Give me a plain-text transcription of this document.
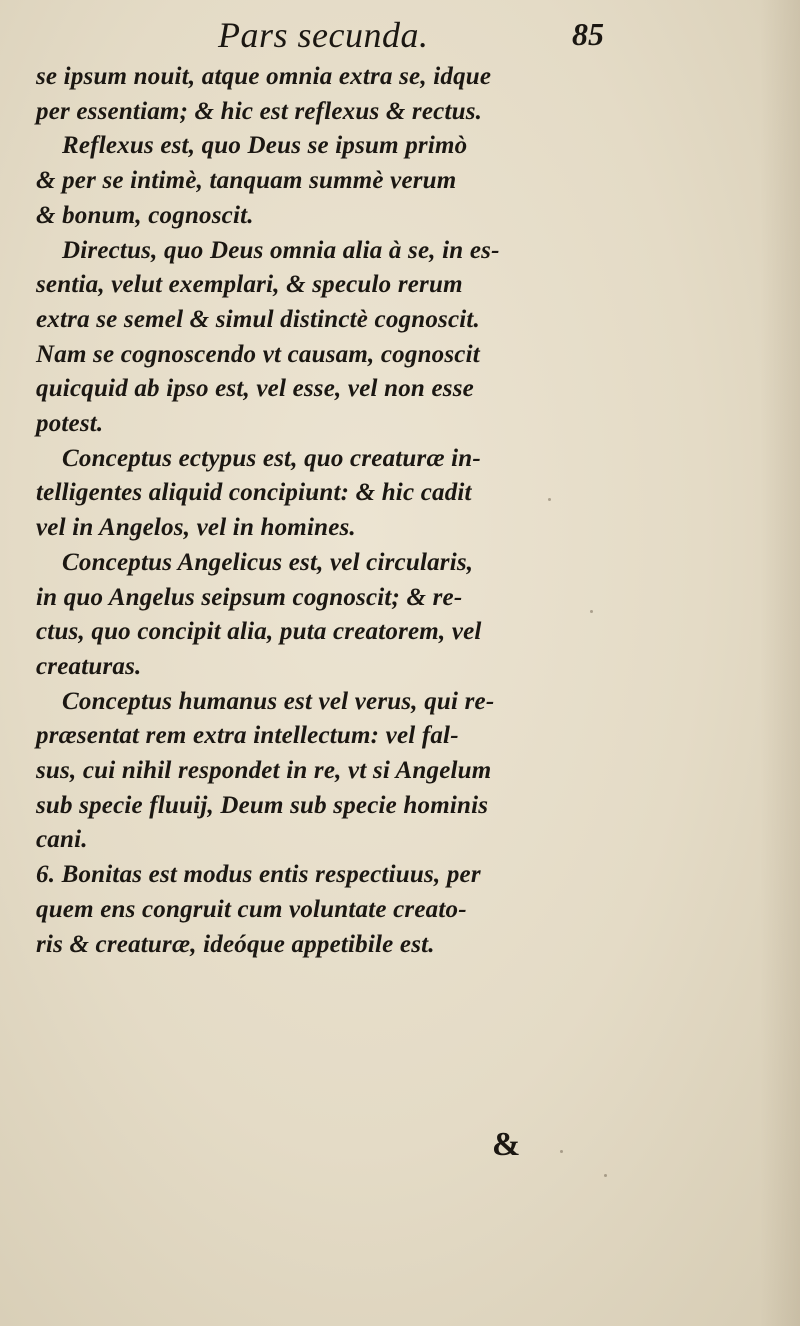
Pars secunda.	85
se ipsum nouit, atque omnia extra se, idque
per essentiam; & hic est reflexus & rectus.
Reflexus est, quo Deus se ipsum primò
& per se intimè, tanquam summè verum
& bonum, cognoscit.
Directus, quo Deus omnia alia à se, in es-
sentia, velut exemplari, & speculo rerum
extra se semel & simul distinctè cognoscit.
Nam se cognoscendo vt causam, cognoscit
quicquid ab ipso est, vel esse, vel non esse
potest.
Conceptus ectypus est, quo creaturæ in-
telligentes aliquid concipiunt: & hic cadit
vel in Angelos, vel in homines.
Conceptus Angelicus est, vel circularis,
in quo Angelus seipsum cognoscit; & re-
ctus, quo concipit alia, puta creatorem, vel
creaturas.
Conceptus humanus est vel verus, qui re-
præsentat rem extra intellectum: vel fal-
sus, cui nihil respondet in re, vt si Angelum
sub specie fluuij, Deum sub specie hominis
cani.
6. Bonitas est modus entis respectiuus, per
quem ens congruit cum voluntate creato-
ris & creaturæ, ideóque appetibile est.
&
